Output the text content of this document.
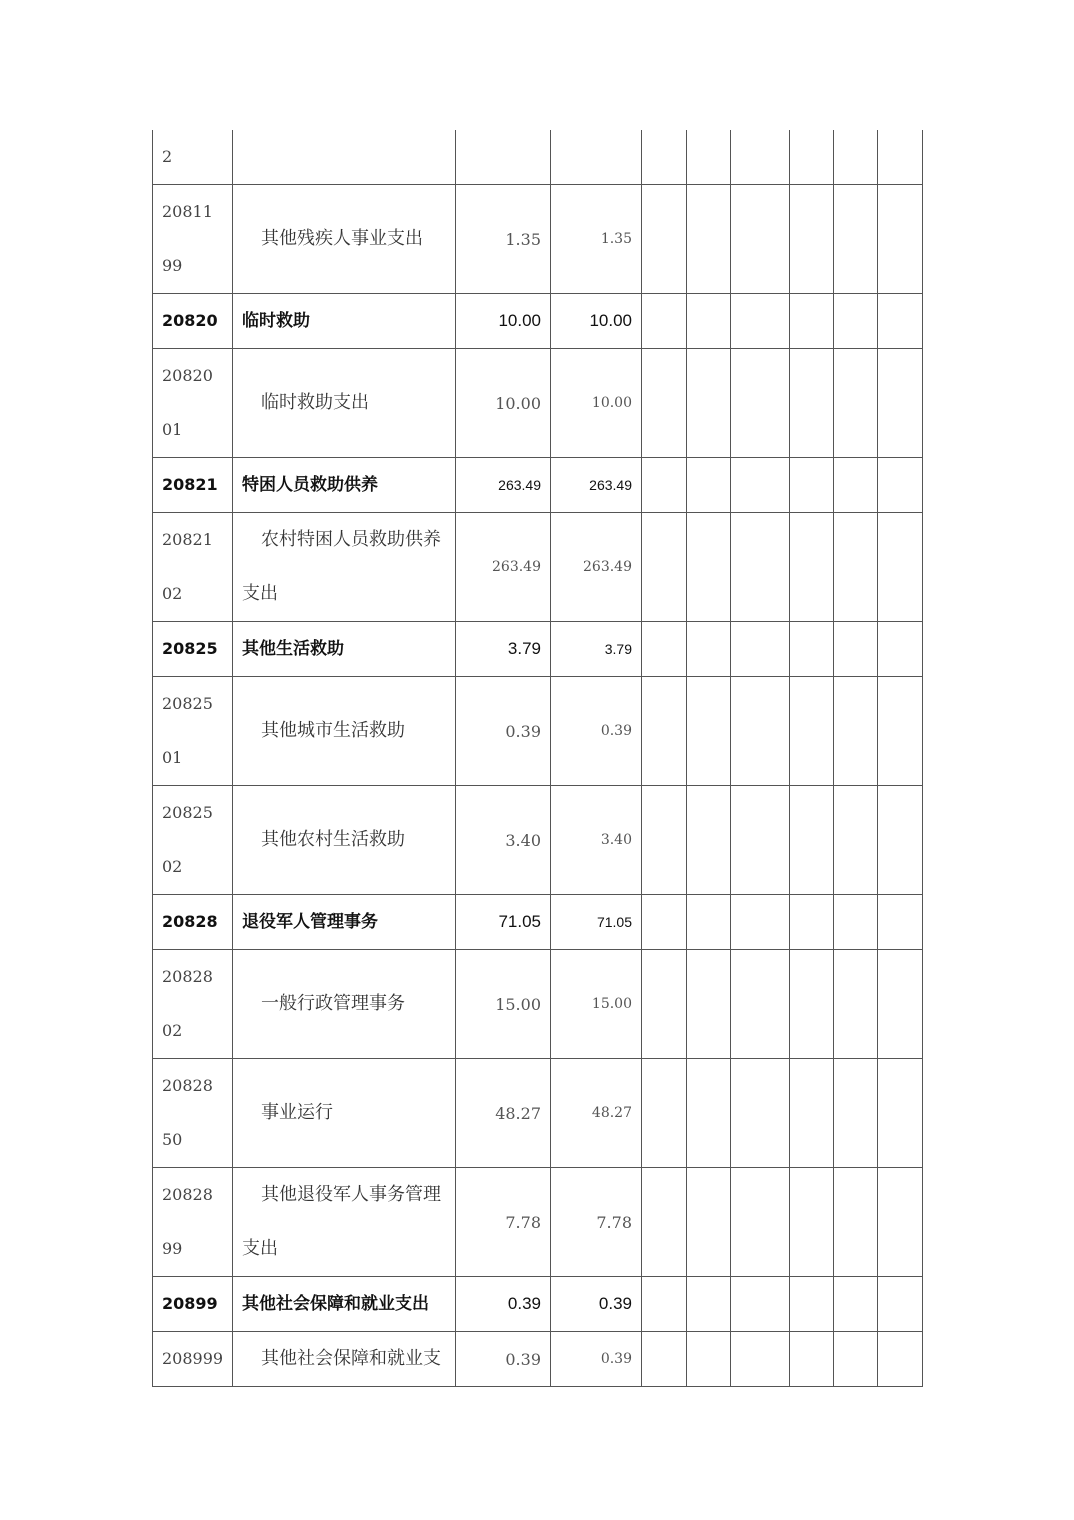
2									

2081199	其他残疾人事业支出	1.35	1.35						
20820	临时救助	10.00	10.00						

2082001	临时救助支出	10.00	10.00						
20821	特困人员救助供养	263.49	263.49						

2082102	农村特困人员救助供养支出	263.49	263.49						
20825	其他生活救助	3.79	3.79						

2082501	其他城市生活救助	0.39	0.39						

2082502	其他农村生活救助	3.40	3.40						
20828	退役军人管理事务	71.05	71.05						

2082802	一般行政管理事务	15.00	15.00						

2082850	事业运行	48.27	48.27						

2082899	其他退役军人事务管理支出	7.78	7.78						
20899	其他社会保障和就业支出	0.39	0.39						
208999	其他社会保障和就业支	0.39	0.39						
